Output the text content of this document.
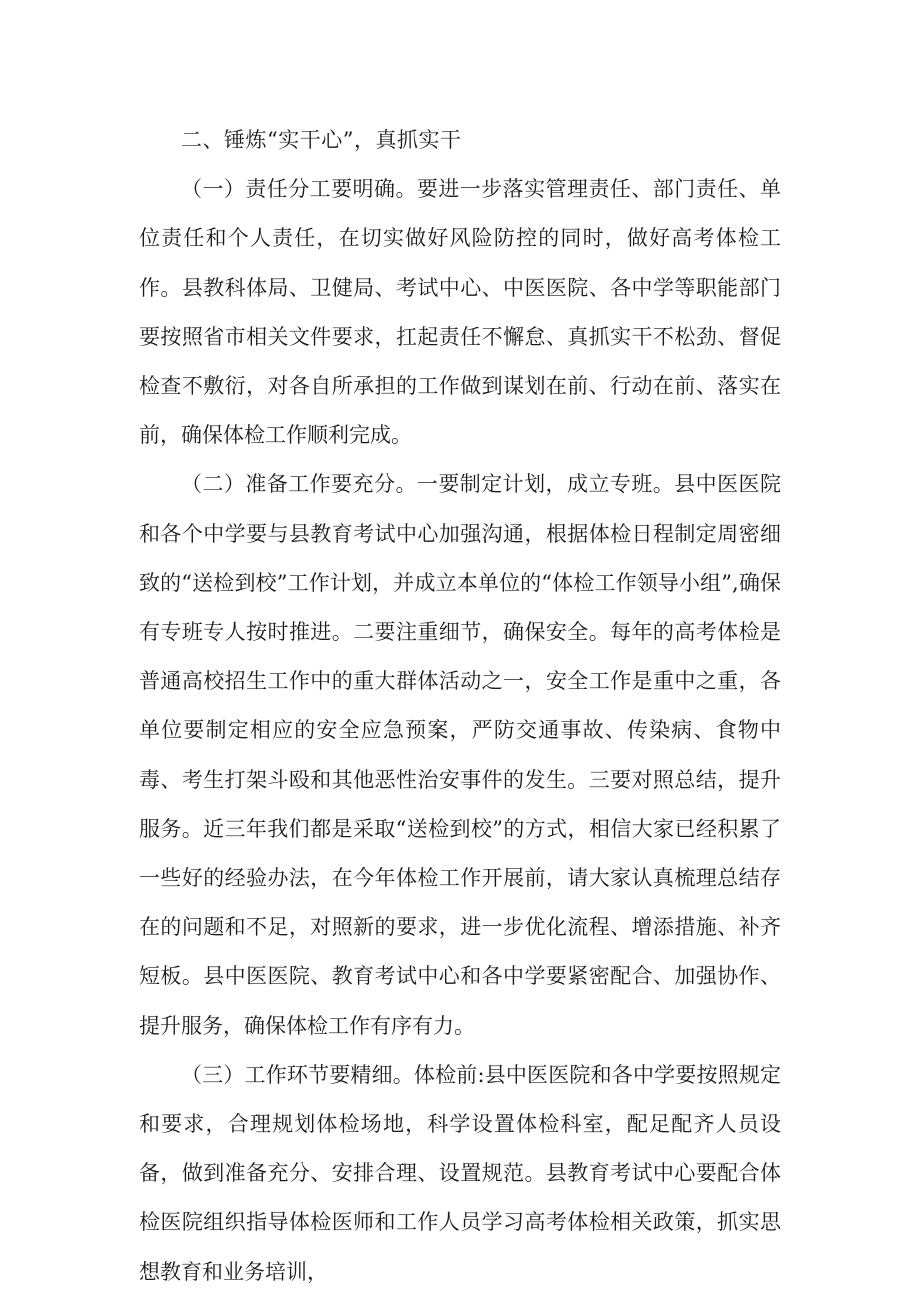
二、锤炼“实干心”，真抓实干

（一）责任分工要明确。要进一步落实管理责任、部门责任、单位责任和个人责任，在切实做好风险防控的同时，做好高考体检工作。县教科体局、卫健局、考试中心、中医医院、各中学等职能部门要按照省市相关文件要求，扛起责任不懈怠、真抓实干不松劲、督促检查不敷衍，对各自所承担的工作做到谋划在前、行动在前、落实在前，确保体检工作顺利完成。

（二）准备工作要充分。一要制定计划，成立专班。县中医医院和各个中学要与县教育考试中心加强沟通，根据体检日程制定周密细致的“送检到校”工作计划，并成立本单位的“体检工作领导小组”,确保有专班专人按时推进。二要注重细节，确保安全。每年的高考体检是普通高校招生工作中的重大群体活动之一，安全工作是重中之重，各单位要制定相应的安全应急预案，严防交通事故、传染病、食物中毒、考生打架斗殴和其他恶性治安事件的发生。三要对照总结，提升服务。近三年我们都是采取“送检到校”的方式，相信大家已经积累了一些好的经验办法，在今年体检工作开展前，请大家认真梳理总结存在的问题和不足，对照新的要求，进一步优化流程、增添措施、补齐短板。县中医医院、教育考试中心和各中学要紧密配合、加强协作、提升服务，确保体检工作有序有力。

（三）工作环节要精细。体检前:县中医医院和各中学要按照规定和要求，合理规划体检场地，科学设置体检科室，配足配齐人员设备，做到准备充分、安排合理、设置规范。县教育考试中心要配合体检医院组织指导体检医师和工作人员学习高考体检相关政策，抓实思想教育和业务培训，
